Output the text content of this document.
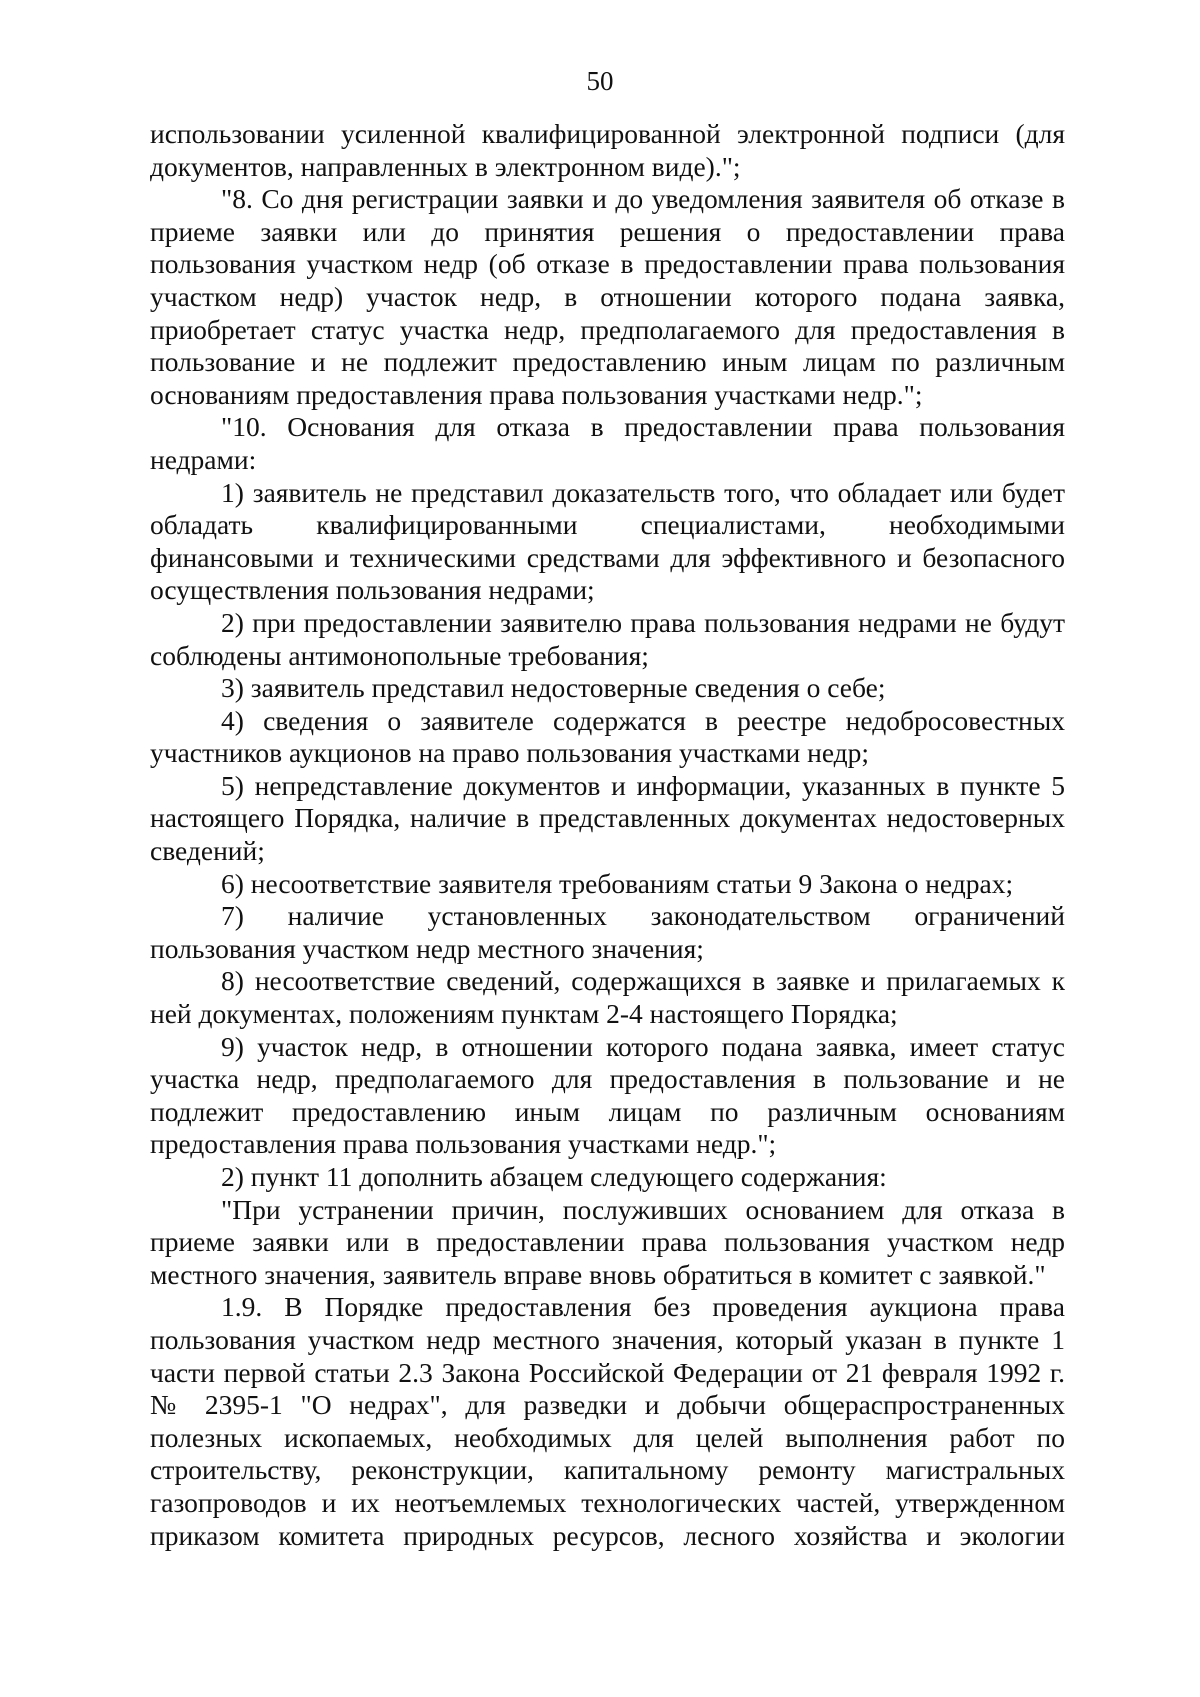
50

использовании усиленной квалифицированной электронной подписи (для документов, направленных в электронном виде).";

"8. Со дня регистрации заявки и до уведомления заявителя об отказе в приеме заявки или до принятия решения о предоставлении права пользования участком недр (об отказе в предоставлении права пользования участком недр) участок недр, в отношении которого подана заявка, приобретает статус участка недр, предполагаемого для предоставления в пользование и не подлежит предоставлению иным лицам по различным основаниям предоставления права пользования участками недр.";

"10. Основания для отказа в предоставлении права пользования недрами:

1) заявитель не представил доказательств того, что обладает или будет обладать квалифицированными специалистами, необходимыми финансовыми и техническими средствами для эффективного и безопасного осуществления пользования недрами;

2) при предоставлении заявителю права пользования недрами не будут соблюдены антимонопольные требования;

3) заявитель представил недостоверные сведения о себе;

4) сведения о заявителе содержатся в реестре недобросовестных участников аукционов на право пользования участками недр;

5) непредставление документов и информации, указанных в пункте 5 настоящего Порядка, наличие в представленных документах недостоверных сведений;

6) несоответствие заявителя требованиям статьи 9 Закона о недрах;

7) наличие установленных законодательством ограничений пользования участком недр местного значения;

8) несоответствие сведений, содержащихся в заявке и прилагаемых к ней документах, положениям пунктам 2-4 настоящего Порядка;

9) участок недр, в отношении которого подана заявка, имеет статус участка недр, предполагаемого для предоставления в пользование и не подлежит предоставлению иным лицам по различным основаниям предоставления права пользования участками недр.";

2) пункт 11 дополнить абзацем следующего содержания:

"При устранении причин, послуживших основанием для отказа в приеме заявки или в предоставлении права пользования участком недр местного значения, заявитель вправе вновь обратиться в комитет с заявкой."

1.9. В Порядке предоставления без проведения аукциона права пользования участком недр местного значения, который указан в пункте 1 части первой статьи 2.3 Закона Российской Федерации от 21 февраля 1992 г. № 2395-1 "О недрах", для разведки и добычи общераспространенных полезных ископаемых, необходимых для целей выполнения работ по строительству, реконструкции, капитальному ремонту магистральных газопроводов и их неотъемлемых технологических частей, утвержденном приказом комитета природных ресурсов, лесного хозяйства и экологии
